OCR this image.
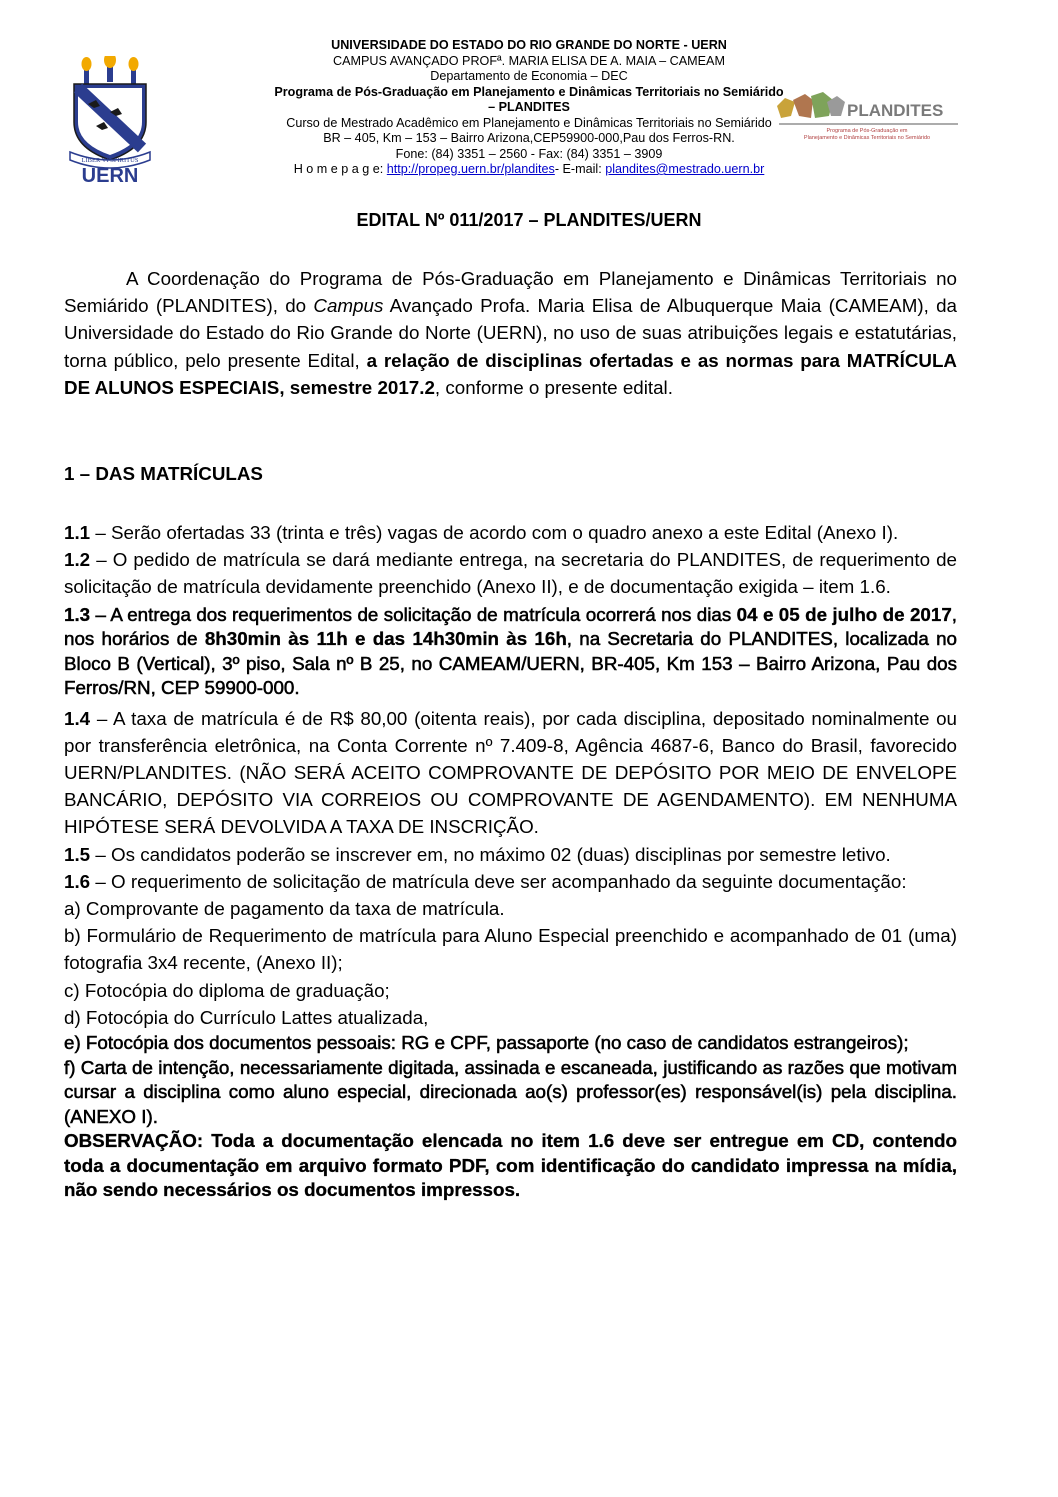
LIBER VI SPIRITUS
UERN
UNIVERSIDADE DO ESTADO DO RIO GRANDE DO NORTE - UERN
CAMPUS AVANÇADO PROFª. MARIA ELISA DE A. MAIA – CAMEAM
Departamento de Economia – DEC
Programa de Pós-Graduação em Planejamento e Dinâmicas Territoriais no Semiárido
– PLANDITES
Curso de Mestrado Acadêmico em Planejamento e Dinâmicas Territoriais no Semiárido
BR – 405, Km – 153 – Bairro Arizona,CEP59900-000,Pau dos Ferros-RN.
Fone: (84) 3351 – 2560 - Fax: (84) 3351 – 3909
H o m e p a g e: http://propeg.uern.br/plandites- E-mail: plandites@mestrado.uern.br
PLANDITES
Programa de Pós-Graduação em
Planejamento e Dinâmicas Territoriais no Semiárido
EDITAL Nº 011/2017 – PLANDITES/UERN

A Coordenação do Programa de Pós-Graduação em Planejamento e Dinâmicas Territoriais no Semiárido (PLANDITES), do Campus Avançado Profa. Maria Elisa de Albuquerque Maia (CAMEAM), da Universidade do Estado do Rio Grande do Norte (UERN), no uso de suas atribuições legais e estatutárias, torna público, pelo presente Edital, a relação de disciplinas ofertadas e as normas para MATRÍCULA DE ALUNOS ESPECIAIS, semestre 2017.2, conforme o presente edital.

1 – DAS MATRÍCULAS

1.1 – Serão ofertadas 33 (trinta e três) vagas de acordo com o quadro anexo a este Edital (Anexo I).

1.2 – O pedido de matrícula se dará mediante entrega, na secretaria do PLANDITES, de requerimento de solicitação de matrícula devidamente preenchido (Anexo II), e de documentação exigida – item 1.6.

1.3 – A entrega dos requerimentos de solicitação de matrícula ocorrerá nos dias 04 e 05 de julho de 2017, nos horários de 8h30min às 11h e das 14h30min às 16h, na Secretaria do PLANDITES, localizada no Bloco B (Vertical), 3º piso, Sala nº B 25, no CAMEAM/UERN, BR-405, Km 153 – Bairro Arizona, Pau dos Ferros/RN, CEP 59900-000.

1.4 – A taxa de matrícula é de R$ 80,00 (oitenta reais), por cada disciplina, depositado nominalmente ou por transferência eletrônica, na Conta Corrente nº 7.409-8, Agência 4687-6, Banco do Brasil, favorecido UERN/PLANDITES. (NÃO SERÁ ACEITO COMPROVANTE DE DEPÓSITO POR MEIO DE ENVELOPE BANCÁRIO, DEPÓSITO VIA CORREIOS OU COMPROVANTE DE AGENDAMENTO). EM NENHUMA HIPÓTESE SERÁ DEVOLVIDA A TAXA DE INSCRIÇÃO.

1.5 – Os candidatos poderão se inscrever em, no máximo 02 (duas) disciplinas por semestre letivo.

1.6 – O requerimento de solicitação de matrícula deve ser acompanhado da seguinte documentação:

a) Comprovante de pagamento da taxa de matrícula.

b) Formulário de Requerimento de matrícula para Aluno Especial preenchido e acompanhado de 01 (uma) fotografia 3x4 recente, (Anexo II);

c) Fotocópia do diploma de graduação;

d) Fotocópia do Currículo Lattes atualizada,

e) Fotocópia dos documentos pessoais: RG e CPF, passaporte (no caso de candidatos estrangeiros);

f) Carta de intenção, necessariamente digitada, assinada e escaneada, justificando as razões que motivam cursar a disciplina como aluno especial, direcionada ao(s) professor(es) responsável(is) pela disciplina. (ANEXO I).

OBSERVAÇÃO: Toda a documentação elencada no item 1.6 deve ser entregue em CD, contendo toda a documentação em arquivo formato PDF, com identificação do candidato impressa na mídia, não sendo necessários os documentos impressos.
